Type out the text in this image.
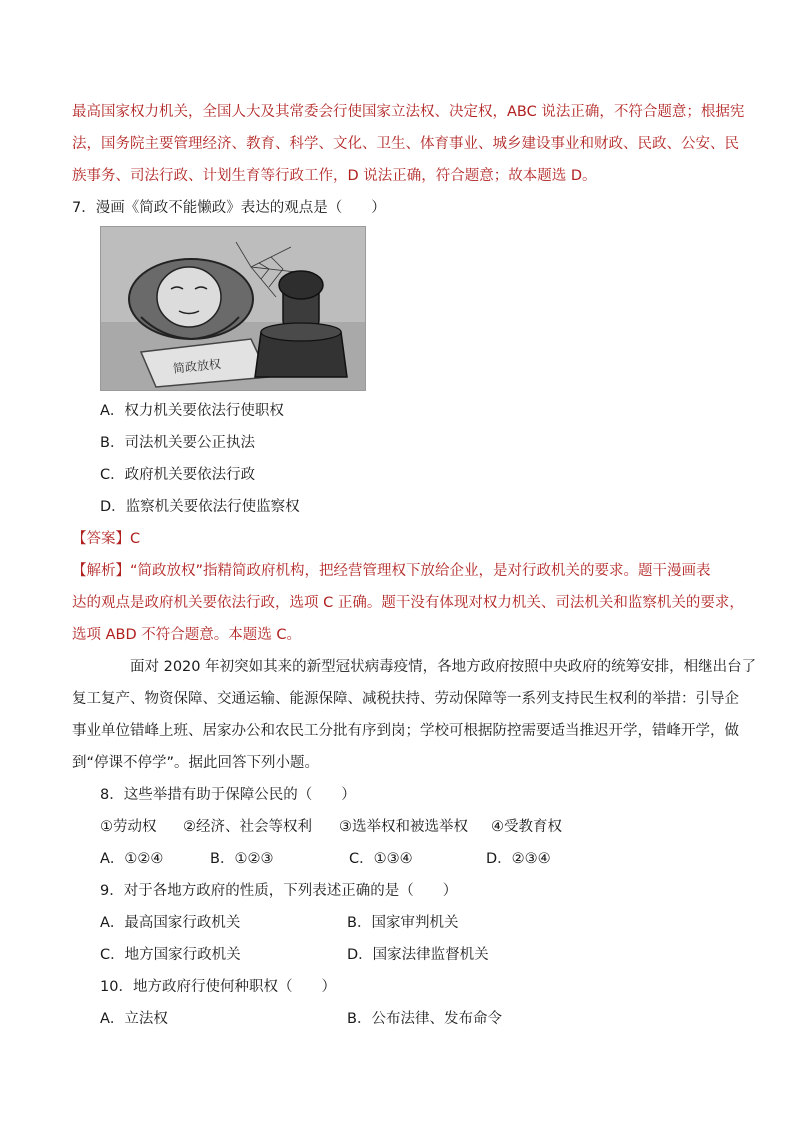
最高国家权力机关，全国人大及其常委会行使国家立法权、决定权，ABC 说法正确，不符合题意；根据宪
法，国务院主要管理经济、教育、科学、文化、卫生、体育事业、城乡建设事业和财政、民政、公安、民
族事务、司法行政、计划生育等行政工作，D 说法正确，符合题意；故本题选 D。
7．漫画《简政不能懒政》表达的观点是（　　）
简政放权
A．权力机关要依法行使职权
B．司法机关要公正执法
C．政府机关要依法行政
D．监察机关要依法行使监察权
【答案】C
【解析】“简政放权”指精简政府机构，把经营管理权下放给企业，是对行政机关的要求。题干漫画表
达的观点是政府机关要依法行政，选项 C 正确。题干没有体现对权力机关、司法机关和监察机关的要求，
选项 ABD 不符合题意。本题选 C。
面对 2020 年初突如其来的新型冠状病毒疫情，各地方政府按照中央政府的统筹安排，相继出台了
复工复产、物资保障、交通运输、能源保障、减税扶持、劳动保障等一系列支持民生权利的举措：引导企
事业单位错峰上班、居家办公和农民工分批有序到岗；学校可根据防控需要适当推迟开学，错峰开学，做
到“停课不停学”。据此回答下列小题。
8．这些举措有助于保障公民的（　　）
①劳动权 ②经济、社会等权利 ③选举权和被选举权 ④受教育权
A．①②④	B．①②③	C．①③④	D．②③④
9．对于各地方政府的性质，下列表述正确的是（　　）
A．最高国家行政机关	B．国家审判机关
C．地方国家行政机关	D．国家法律监督机关
10．地方政府行使何种职权（　　）
A．立法权	B．公布法律、发布命令
